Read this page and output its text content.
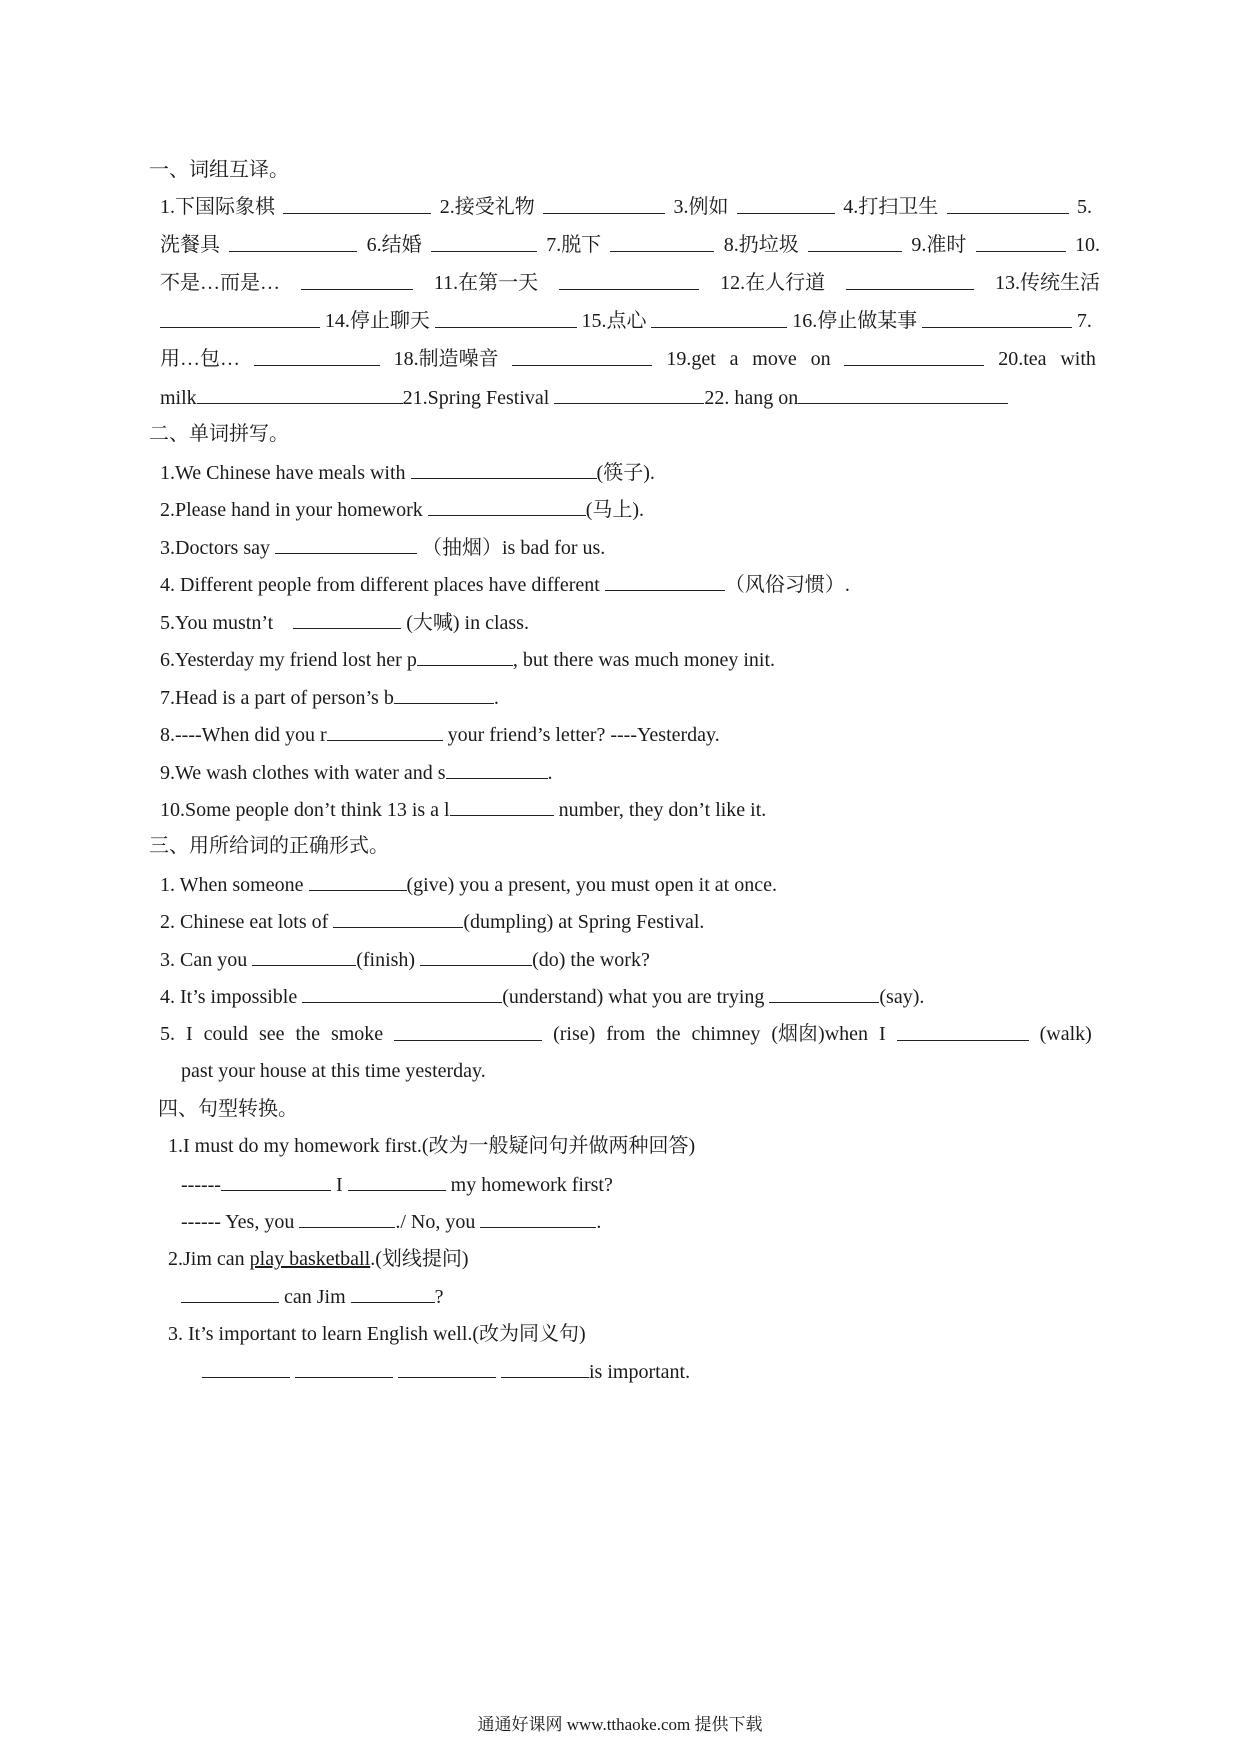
一、词组互译。
1.下国际象棋	2.接受礼物	3.例如	4.打扫卫生	5.
洗餐具	6.结婚	7.脱下	8.扔垃圾	9.准时	10.
不是…而是…	11.在第一天	12.在人行道	13.传统生活
14.停止聊天	15.点心	16.停止做某事	7.
用…包…	18.制造噪音	19.get a move on	20.tea with
milk	21.Spring Festival	22. hang on
二、单词拼写。
1.We Chinese have meals with	(筷子).
2.Please hand in your homework	(马上).
3.Doctors say	（抽烟）is bad for us.
4. Different people from different places have different	（风俗习惯）.
5.You mustn’t	(大喊) in class.
6.Yesterday my friend lost her p	, but there was much money init.
7.Head is a part of person’s b	.
8.----When did you r	your friend’s letter? ----Yesterday.
9.We wash clothes with water and s	.
10.Some people don’t think 13 is a l	number, they don’t like it.
三、用所给词的正确形式。
1. When someone	(give) you a present, you must open it at once.
2. Chinese eat lots of	(dumpling) at Spring Festival.
3. Can you	(finish)	(do) the work?
4. It’s impossible	(understand) what you are trying	(say).
5. I could see the smoke	(rise) from the chimney (烟囱)when I	(walk)
past your house at this time yesterday.
四、句型转换。
1.I must do my homework first.(改为一般疑问句并做两种回答)
------	I	my homework first?
------ Yes, you	./ No, you	.
2.Jim can play basketball.(划线提问)
can Jim	?
3. It’s important to learn English well.(改为同义句)
is important.
通通好课网 www.tthaoke.com 提供下载
